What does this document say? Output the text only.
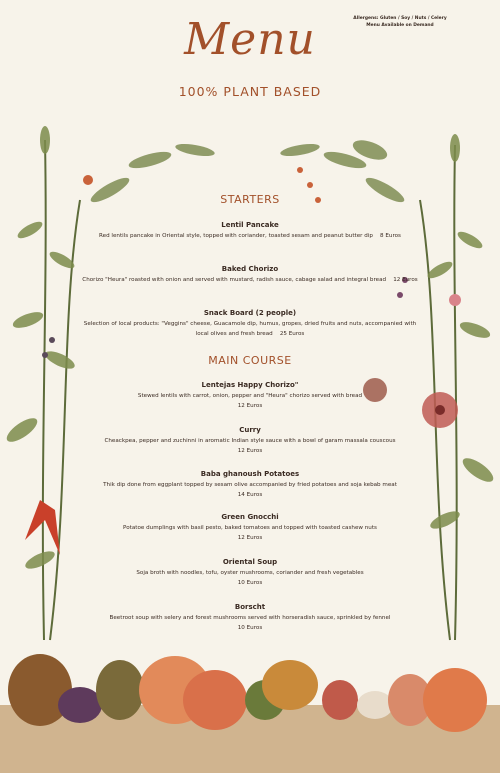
Allergens: Gluten / Soy / Nuts / Celery
Menu Available on Demand
Menu
100% PLANT BASED
STARTERS
Lentil Pancake
Red lentils pancake in Oriental style, topped with coriander, toasted sesam and peanut butter dip 8 Euros
Baked Chorizo
Chorizo "Heura" roasted with onion and served with mustard, radish sauce, cabage salad and integral bread 12 Euros
Snack Board (2 people)
Selection of local products: "Veggins" cheese, Guacamole dip, humus, gropes, dried fruits and nuts, accompanied with local olives and fresh bread 25 Euros
MAIN COURSE
Lentejas Happy Chorizo"
Stewed lentils with carrot, onion, pepper and "Heura" chorizo served with bread
12 Euros
Curry
Cheackpea, pepper and zuchinni in aromatic Indian style sauce with a bowl of garam massala couscous
12 Euros
Baba ghanoush Potatoes
Thik dip done from eggplant topped by sesam olive accompanied by fried potatoes and soja kebab meat
14 Euros
Green Gnocchi
Potatoe dumplings with basil pesto, baked tomatoes and topped with toasted cashew nuts
12 Euros
Oriental Soup
Soja broth with noodles, tofu, oyster mushrooms, coriander and fresh vegetables
10 Euros
Borscht
Beetroot soup with selery and forest mushrooms served with horseradish sauce, sprinkled by fennel
10 Euros
